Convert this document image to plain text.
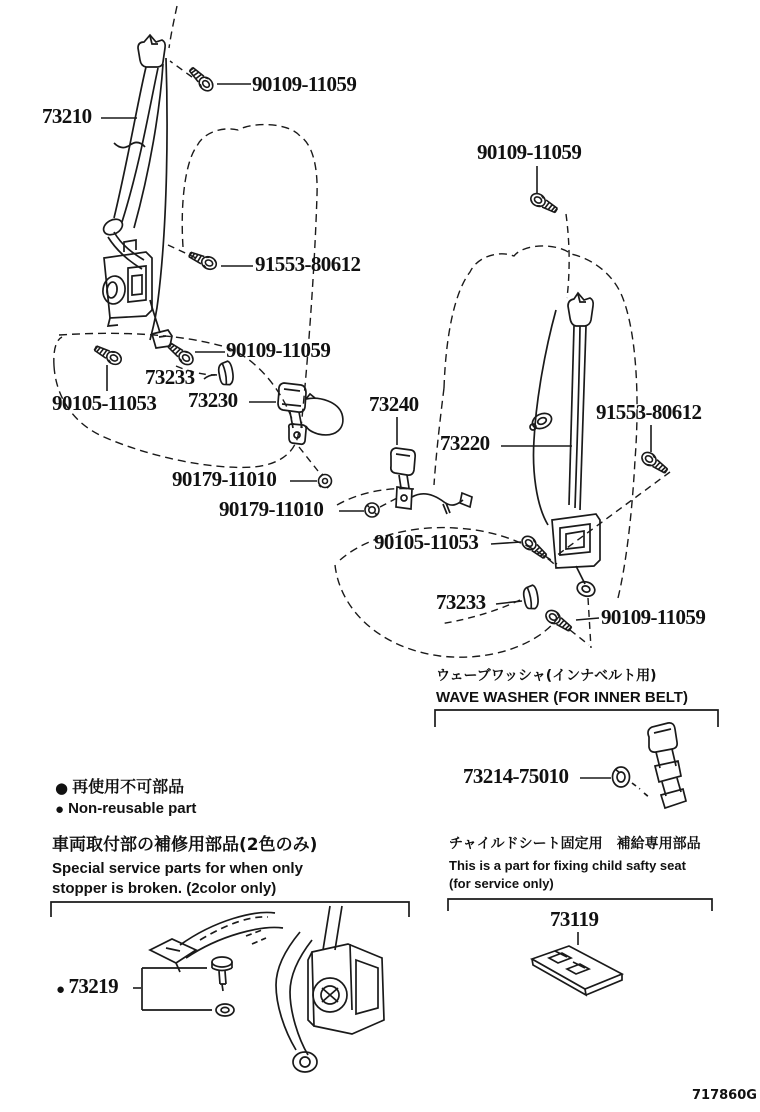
90109-11059
73210
91553-80612
90109-11059
73233
90105-11053 73230
90179-11010
90179-11010
73240
73220
91553-80612
90109-11059
90105-11053
73233
90109-11059
73214-75010
73119
● 73219
ウェーブワッシャ(インナベルト用)
WAVE WASHER (FOR INNER BELT)
● 再使用不可部品
● Non-reusable part
車両取付部の補修用部品(2色のみ)
Special service parts for when only
stopper is broken. (2color only)
チャイルドシート固定用　補給専用部品
This is a part for fixing child safty seat
(for service only)
717860G
